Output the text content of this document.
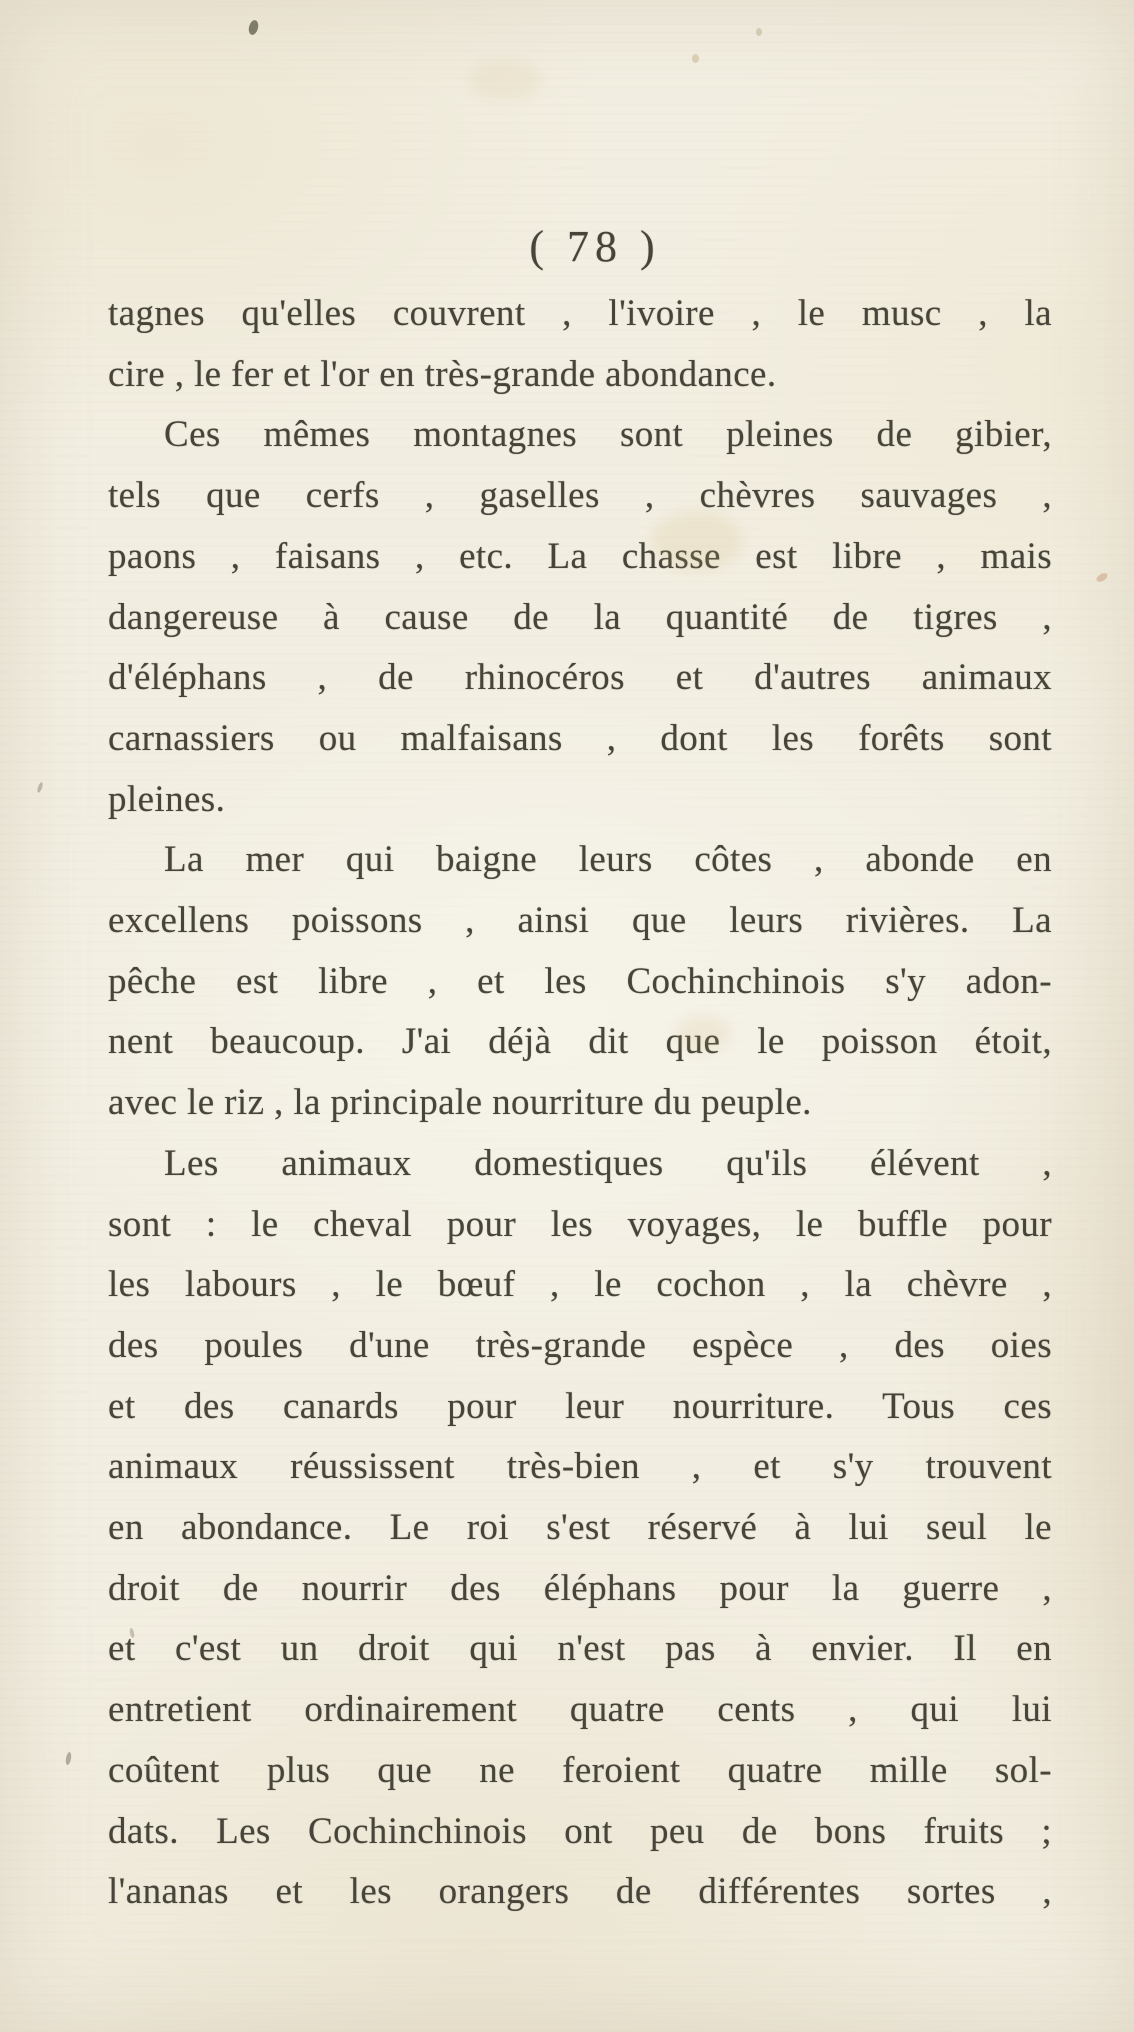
( 78 )
tagnes qu'elles couvrent , l'ivoire , le musc , la
cire , le fer et l'or en très-grande abondance.
Ces mêmes montagnes sont pleines de gibier,
tels que cerfs , gaselles , chèvres sauvages ,
paons , faisans , etc. La chasse est libre , mais
dangereuse à cause de la quantité de tigres ,
d'éléphans , de rhinocéros et d'autres animaux
carnassiers ou malfaisans , dont les forêts sont
pleines.
La mer qui baigne leurs côtes , abonde en
excellens poissons , ainsi que leurs rivières. La
pêche est libre , et les Cochinchinois s'y adon-
nent beaucoup. J'ai déjà dit que le poisson étoit,
avec le riz , la principale nourriture du peuple.
Les animaux domestiques qu'ils élévent ,
sont : le cheval pour les voyages, le buffle pour
les labours , le bœuf , le cochon , la chèvre ,
des poules d'une très-grande espèce , des oies
et des canards pour leur nourriture. Tous ces
animaux réussissent très-bien , et s'y trouvent
en abondance. Le roi s'est réservé à lui seul le
droit de nourrir des éléphans pour la guerre ,
et c'est un droit qui n'est pas à envier. Il en
entretient ordinairement quatre cents , qui lui
coûtent plus que ne feroient quatre mille sol-
dats. Les Cochinchinois ont peu de bons fruits ;
l'ananas et les orangers de différentes sortes ,
